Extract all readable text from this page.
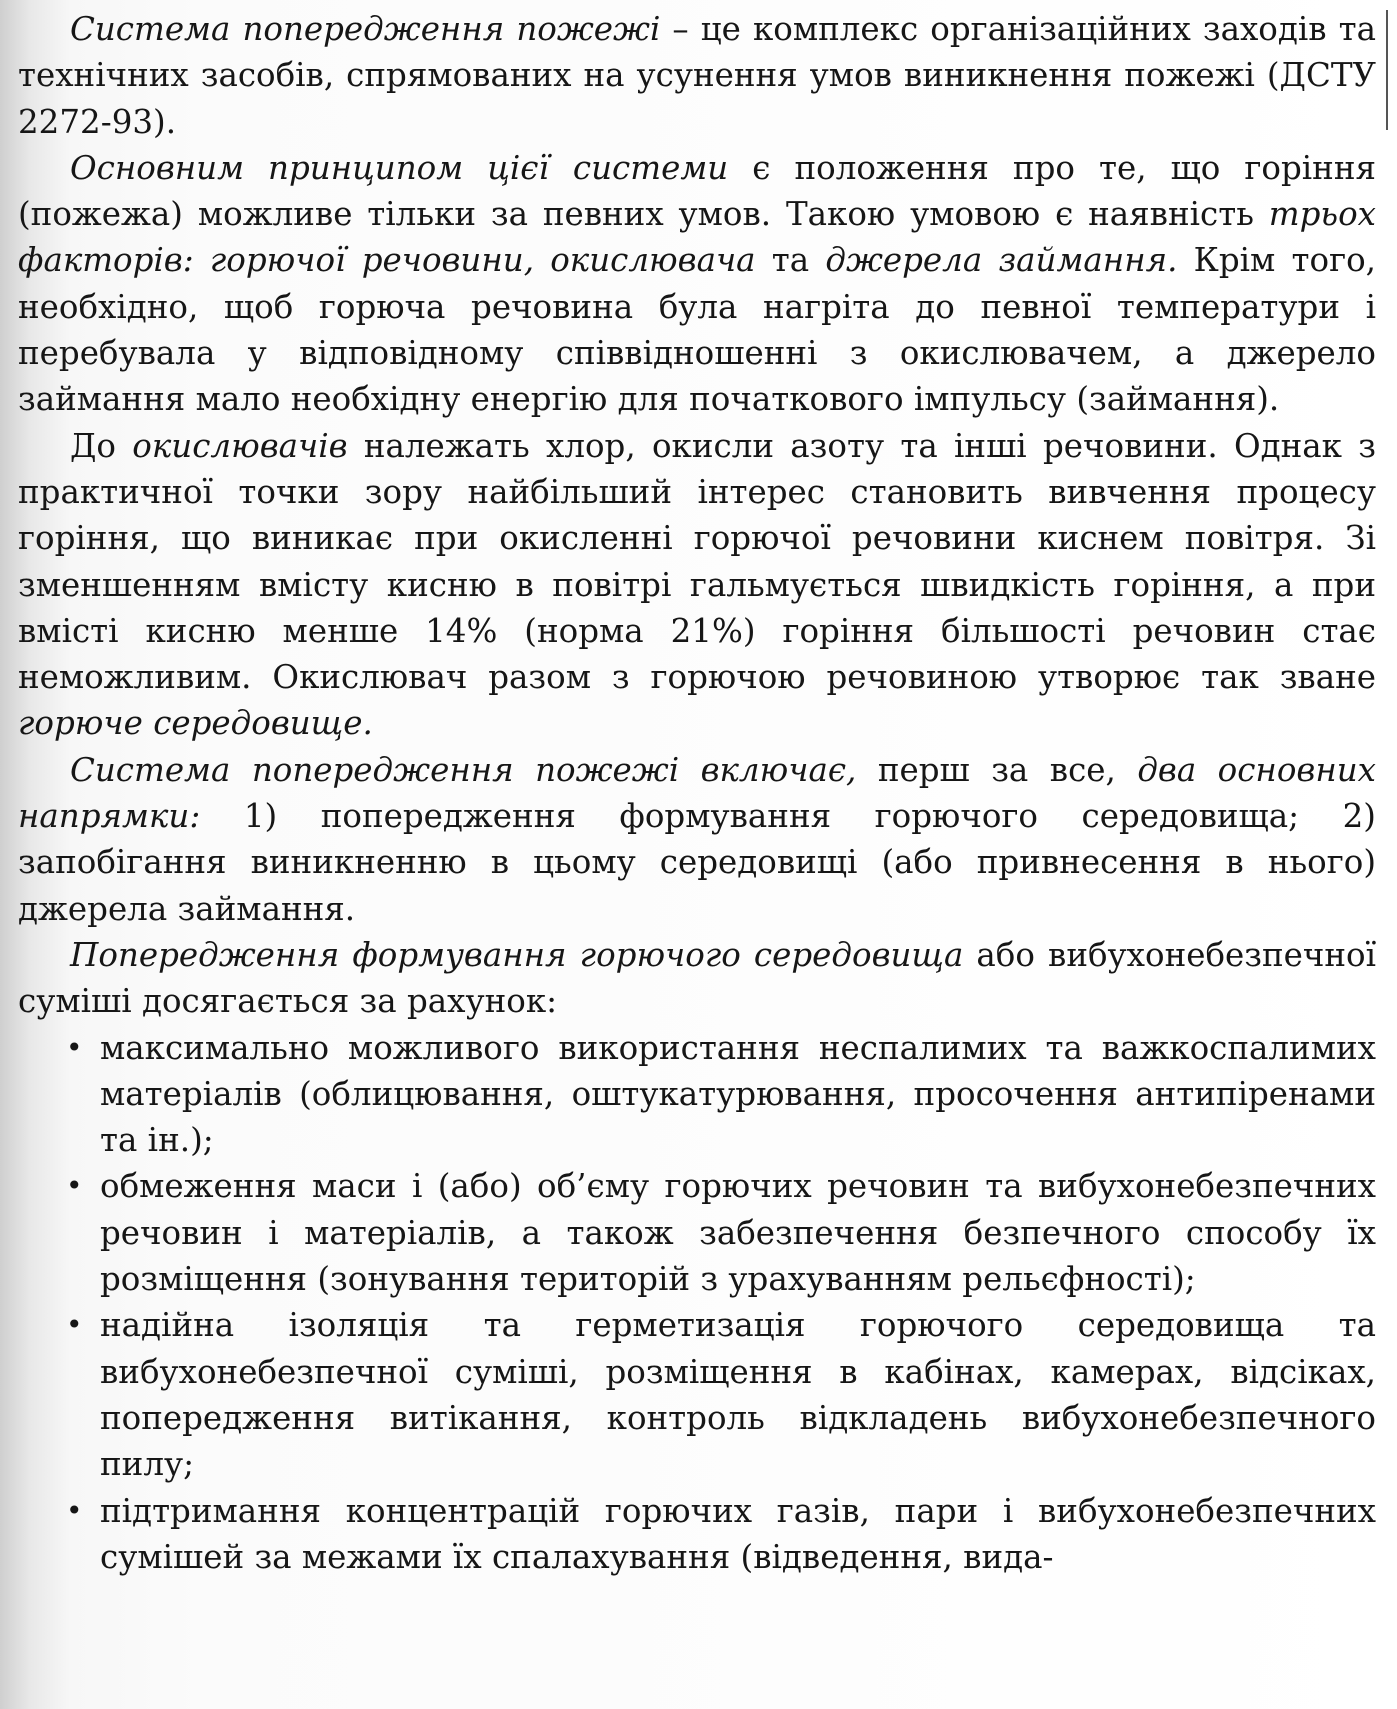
Система попередження пожежі – це комплекс організаційних заходів та технічних засобів, спрямованих на усунення умов виникнення пожежі (ДСТУ 2272-93).

Основним принципом цієї системи є положення про те, що горіння (пожежа) можливе тільки за певних умов. Такою умовою є наявність трьох факторів: горючої речовини, окислювача та джерела займання. Крім того, необхідно, щоб горюча речовина була нагріта до певної температури і перебувала у відповідному співвідношенні з окислювачем, а джерело займання мало необхідну енергію для початкового імпульсу (займання).

До окислювачів належать хлор, окисли азоту та інші речовини. Однак з практичної точки зору найбільший інтерес становить вивчення процесу горіння, що виникає при окисленні горючої речовини киснем повітря. Зі зменшенням вмісту кисню в повітрі гальмується швидкість горіння, а при вмісті кисню менше 14% (норма 21%) горіння більшості речовин стає неможливим. Окислювач разом з горючою речовиною утворює так зване горюче середовище.

Система попередження пожежі включає, перш за все, два основних напрямки: 1) попередження формування горючого середовища; 2) запобігання виникненню в цьому середовищі (або привнесення в нього) джерела займання.

Попередження формування горючого середовища або вибухонебезпечної суміші досягається за рахунок:

• максимально можливого використання неспалимих та важкоспалимих матеріалів (облицювання, оштукатурювання, просочення антипіренами та ін.);
• обмеження маси і (або) об’єму горючих речовин та вибухонебезпечних речовин і матеріалів, а також забезпечення безпечного способу їх розміщення (зонування територій з урахуванням рельєфності);
• надійна ізоляція та герметизація горючого середовища та вибухонебезпечної суміші, розміщення в кабінах, камерах, відсіках, попередження витікання, контроль відкладень вибухонебезпечного пилу;
• підтримання концентрацій горючих газів, пари і вибухонебезпечних сумішей за межами їх спалахування (відведення, вида-
